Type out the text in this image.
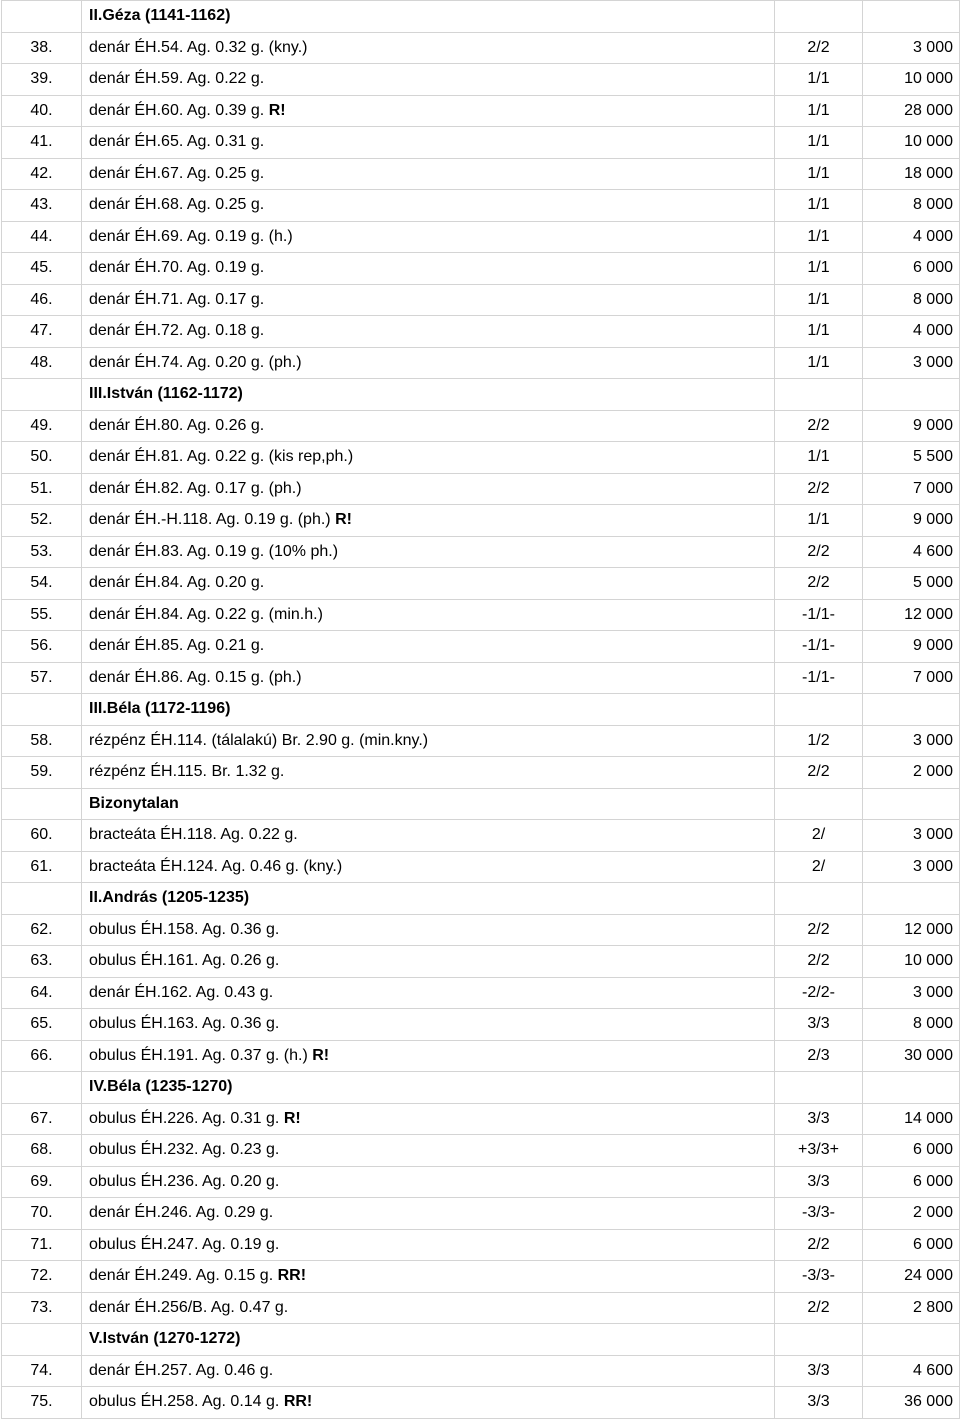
	II.Géza (1141-1162)		
38.	denár ÉH.54. Ag. 0.32 g. (kny.)	2/2	3 000
39.	denár ÉH.59. Ag. 0.22 g.	1/1	10 000
40.	denár ÉH.60. Ag. 0.39 g. R!	1/1	28 000
41.	denár ÉH.65. Ag. 0.31 g.	1/1	10 000
42.	denár ÉH.67. Ag. 0.25 g.	1/1	18 000
43.	denár ÉH.68. Ag. 0.25 g.	1/1	8 000
44.	denár ÉH.69. Ag. 0.19 g. (h.)	1/1	4 000
45.	denár ÉH.70. Ag. 0.19 g.	1/1	6 000
46.	denár ÉH.71. Ag. 0.17 g.	1/1	8 000
47.	denár ÉH.72. Ag. 0.18 g.	1/1	4 000
48.	denár ÉH.74. Ag. 0.20 g. (ph.)	1/1	3 000
	III.István (1162-1172)		
49.	denár ÉH.80. Ag. 0.26 g.	2/2	9 000
50.	denár ÉH.81. Ag. 0.22 g. (kis rep,ph.)	1/1	5 500
51.	denár ÉH.82. Ag. 0.17 g. (ph.)	2/2	7 000
52.	denár ÉH.-H.118. Ag. 0.19 g. (ph.) R!	1/1	9 000
53.	denár ÉH.83. Ag. 0.19 g. (10% ph.)	2/2	4 600
54.	denár ÉH.84. Ag. 0.20 g.	2/2	5 000
55.	denár ÉH.84. Ag. 0.22 g. (min.h.)	-1/1-	12 000
56.	denár ÉH.85. Ag. 0.21 g.	-1/1-	9 000
57.	denár ÉH.86. Ag. 0.15 g. (ph.)	-1/1-	7 000
	III.Béla (1172-1196)		
58.	rézpénz ÉH.114. (tálalakú) Br. 2.90 g. (min.kny.)	1/2	3 000
59.	rézpénz ÉH.115. Br. 1.32 g.	2/2	2 000
	Bizonytalan		
60.	bracteáta ÉH.118. Ag. 0.22 g.	2/	3 000
61.	bracteáta ÉH.124. Ag. 0.46 g. (kny.)	2/	3 000
	II.András (1205-1235)		
62.	obulus ÉH.158. Ag. 0.36 g.	2/2	12 000
63.	obulus ÉH.161. Ag. 0.26 g.	2/2	10 000
64.	denár ÉH.162. Ag. 0.43 g.	-2/2-	3 000
65.	obulus ÉH.163. Ag. 0.36 g.	3/3	8 000
66.	obulus ÉH.191. Ag. 0.37 g. (h.) R!	2/3	30 000
	IV.Béla (1235-1270)		
67.	obulus ÉH.226. Ag. 0.31 g. R!	3/3	14 000
68.	obulus ÉH.232. Ag. 0.23 g.	+3/3+	6 000
69.	obulus ÉH.236. Ag. 0.20 g.	3/3	6 000
70.	denár ÉH.246. Ag. 0.29 g.	-3/3-	2 000
71.	obulus ÉH.247. Ag. 0.19 g.	2/2	6 000
72.	denár ÉH.249. Ag. 0.15 g. RR!	-3/3-	24 000
73.	denár ÉH.256/B. Ag. 0.47 g.	2/2	2 800
	V.István (1270-1272)		
74.	denár ÉH.257. Ag. 0.46 g.	3/3	4 600
75.	obulus ÉH.258. Ag. 0.14 g. RR!	3/3	36 000
